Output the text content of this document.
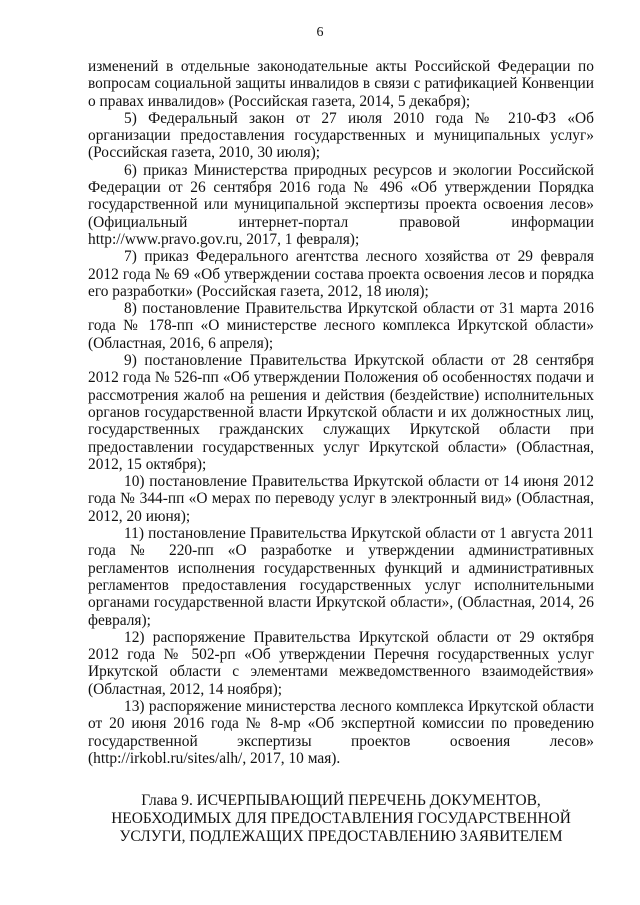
6

изменений в отдельные законодательные акты Российской Федерации по вопросам социальной защиты инвалидов в связи с ратификацией Конвенции о правах инвалидов» (Российская газета, 2014, 5 декабря);

5) Федеральный закон от 27 июля 2010 года № 210-ФЗ «Об организации предоставления государственных и муниципальных услуг» (Российская газета, 2010, 30 июля);

6) приказ Министерства природных ресурсов и экологии Российской Федерации от 26 сентября 2016 года № 496 «Об утверждении Порядка государственной или муниципальной экспертизы проекта освоения лесов» (Официальный интернет-портал правовой информации http://www.pravo.gov.ru, 2017, 1 февраля);

7) приказ Федерального агентства лесного хозяйства от 29 февраля 2012 года № 69 «Об утверждении состава проекта освоения лесов и порядка его разработки» (Российская газета, 2012, 18 июля);

8) постановление Правительства Иркутской области от 31 марта 2016 года № 178-пп «О министерстве лесного комплекса Иркутской области» (Областная, 2016, 6 апреля);

9) постановление Правительства Иркутской области от 28 сентября 2012 года № 526-пп «Об утверждении Положения об особенностях подачи и рассмотрения жалоб на решения и действия (бездействие) исполнительных органов государственной власти Иркутской области и их должностных лиц, государственных гражданских служащих Иркутской области при предоставлении государственных услуг Иркутской области» (Областная, 2012, 15 октября);

10) постановление Правительства Иркутской области от 14 июня 2012 года № 344-пп «О мерах по переводу услуг в электронный вид» (Областная, 2012, 20 июня);

11) постановление Правительства Иркутской области от 1 августа 2011 года № 220-пп «О разработке и утверждении административных регламентов исполнения государственных функций и административных регламентов предоставления государственных услуг исполнительными органами государственной власти Иркутской области», (Областная, 2014, 26 февраля);

12) распоряжение Правительства Иркутской области от 29 октября 2012 года № 502-рп «Об утверждении Перечня государственных услуг Иркутской области с элементами межведомственного взаимодействия» (Областная, 2012, 14 ноября);

13) распоряжение министерства лесного комплекса Иркутской области от 20 июня 2016 года № 8-мр «Об экспертной комиссии по проведению государственной экспертизы проектов освоения лесов» (http://irkobl.ru/sites/alh/, 2017, 10 мая).

Глава 9. ИСЧЕРПЫВАЮЩИЙ ПЕРЕЧЕНЬ ДОКУМЕНТОВ, НЕОБХОДИМЫХ ДЛЯ ПРЕДОСТАВЛЕНИЯ ГОСУДАРСТВЕННОЙ УСЛУГИ, ПОДЛЕЖАЩИХ ПРЕДОСТАВЛЕНИЮ ЗАЯВИТЕЛЕМ
